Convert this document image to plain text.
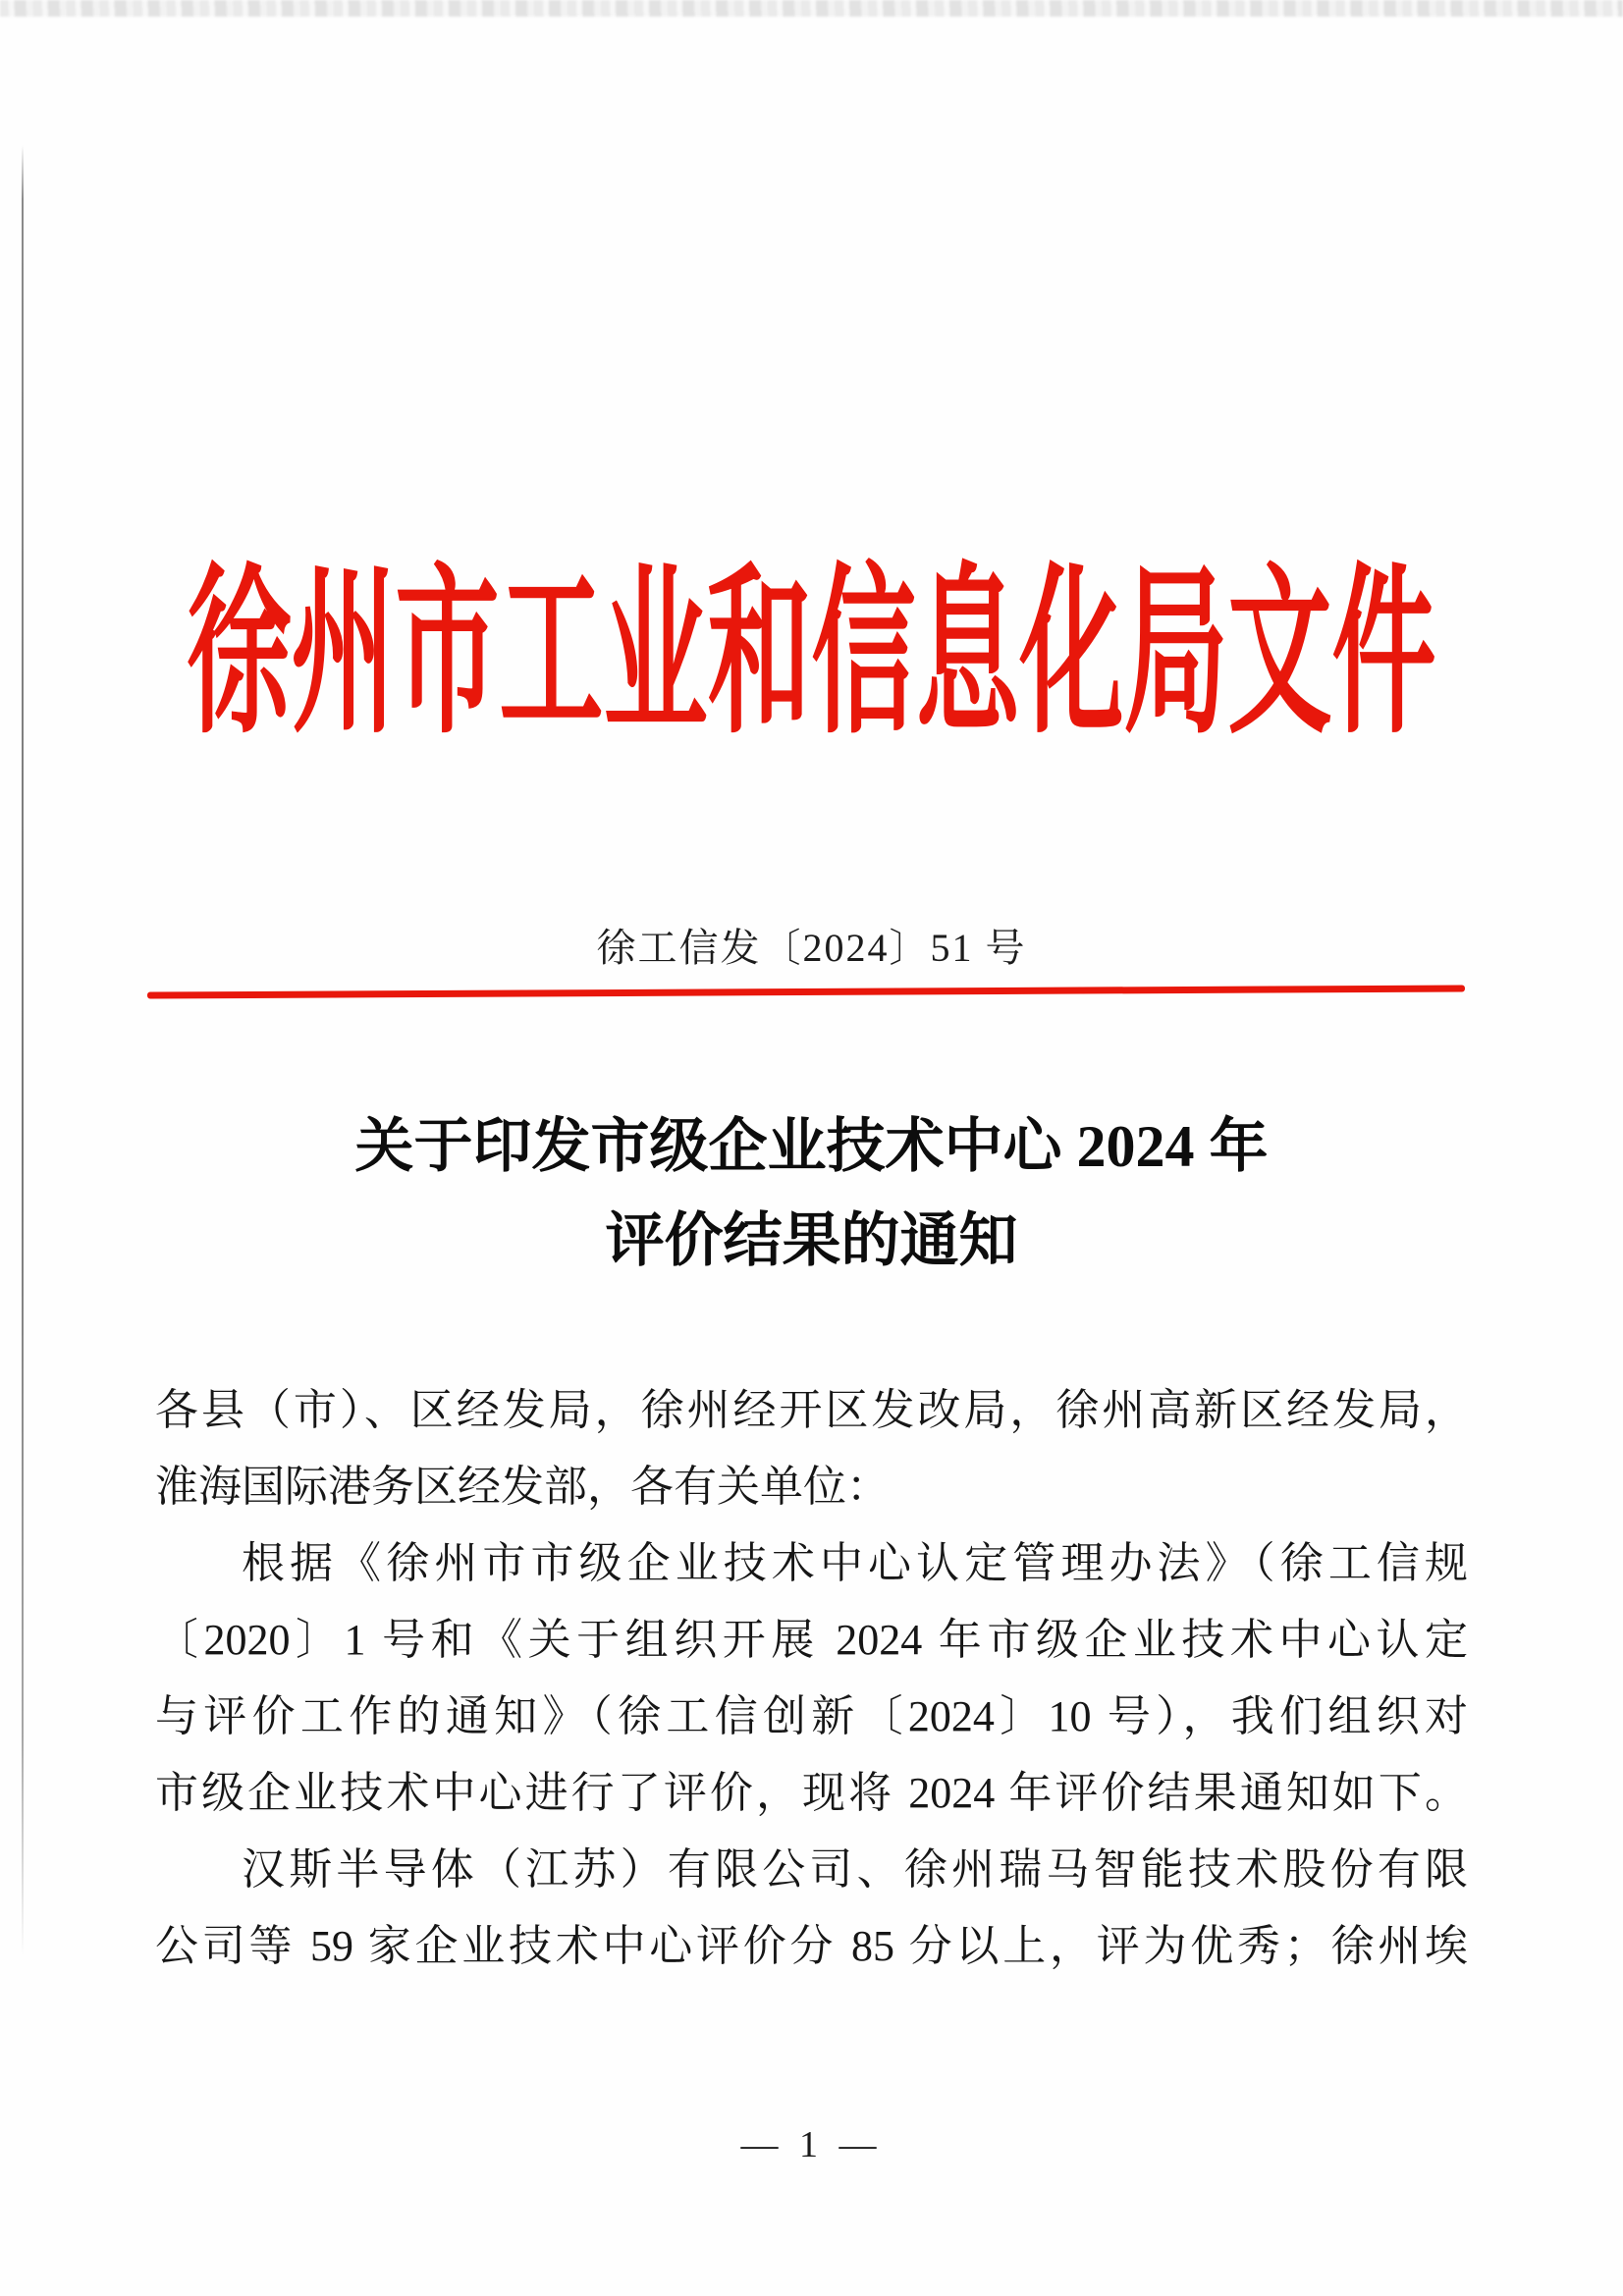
徐州市工业和信息化局文件
徐工信发〔2024〕51 号
关于印发市级企业技术中心 2024 年
评价结果的通知
各县（市）、区经发局，徐州经开区发改局，徐州高新区经发局，
淮海国际港务区经发部，各有关单位：
根据《徐州市市级企业技术中心认定管理办法》（徐工信规
〔2020〕1 号和《关于组织开展 2024 年市级企业技术中心认定
与评价工作的通知》（徐工信创新〔2024〕10 号），我们组织对
市级企业技术中心进行了评价，现将 2024 年评价结果通知如下。
汉斯半导体（江苏）有限公司、徐州瑞马智能技术股份有限
公司等 59 家企业技术中心评价分 85 分以上，评为优秀；徐州埃
— 1 —
